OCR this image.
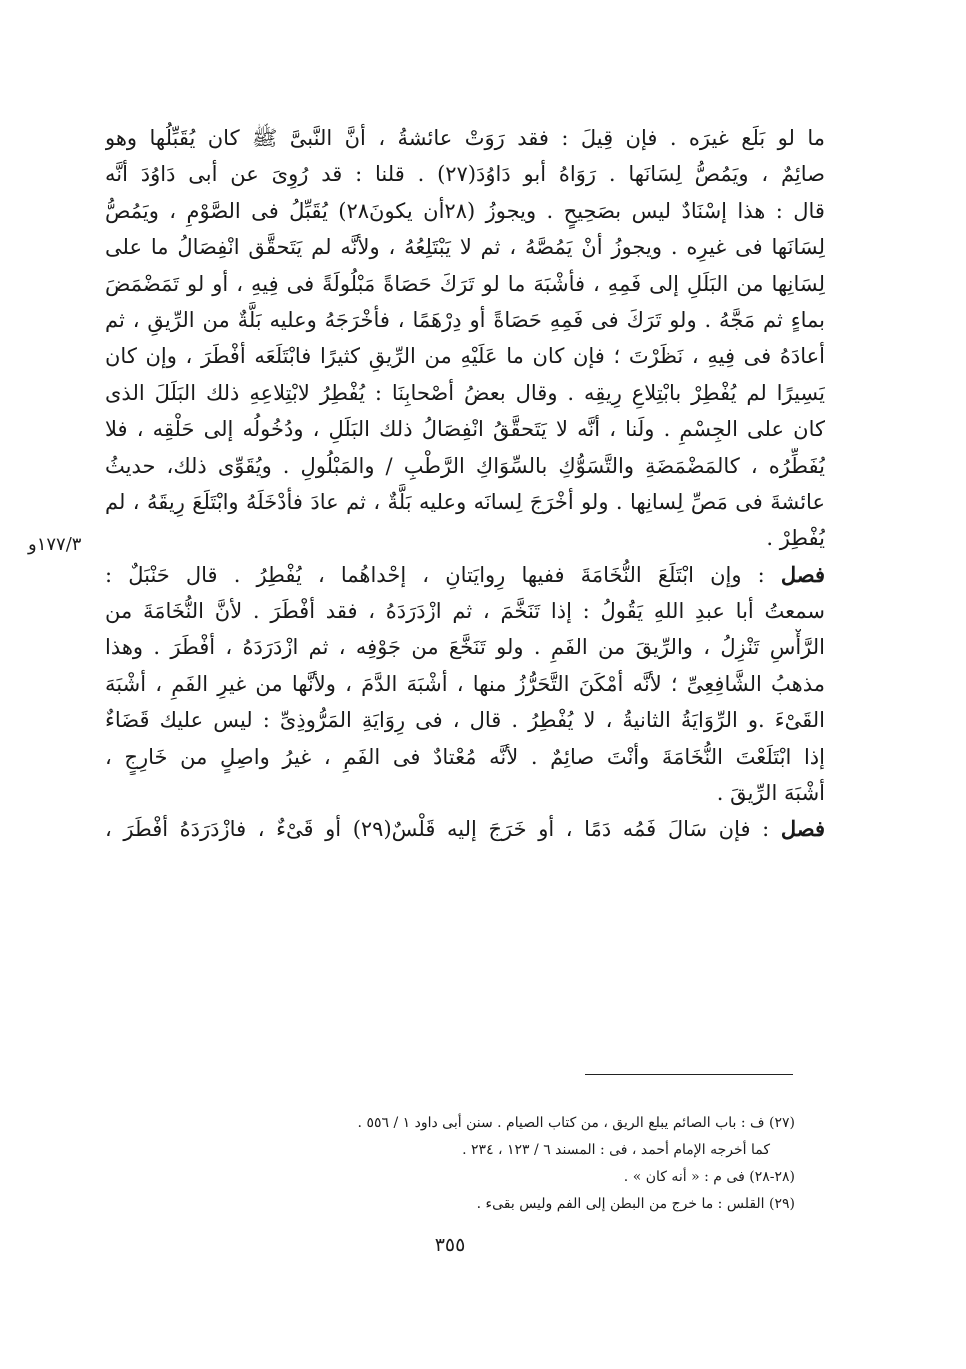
ما لو بَلَع غيرَه . فإن قِيلَ : فقد رَوَتْ عائشةُ ، أنَّ النَّبىَّ ﷺ كان يُقَبِّلُها وهو
صائِمٌ ، ويَمُصُّ لِسَانَها . رَوَاهُ أبو دَاوُدَ(٢٧) . قلنا : قد رُوِىَ عن أبى دَاوُدَ أنَّه
قال : هذا إسْنَادٌ ليس بصَحِيحٍ . ويجوزُ (٢٨أن يكونَ٢٨) يُقَبِّلُ فى الصَّوْمِ ، ويَمُصُّ
لِسَانَها فى غيرِه . ويجوزُ أنْ يَمُصَّهُ ، ثم لا يَبْتَلِعُهُ ، ولأنَّه لم يَتَحقَّق انْفِصَالُ ما على
لِسَانِها من البَلَلِ إلى فَمِهِ ، فأشْبَهَ ما لو تَرَكَ حَصَاةً مَبْلُولَةً فى فِيهِ ، أو لو تَمَضْمَضَ
بماءٍ ثم مَجَّهُ . ولو تَرَكَ فى فَمِهِ حَصَاةً أو دِرْهَمًا ، فأخْرَجَهُ وعليه بَلَّةٌ من الرِّيقِ ، ثم
أعادَهُ فى فِيهِ ، نَظَرْتَ ؛ فإن كان ما عَلَيْهِ من الرِّيقِ كثيرًا فابْتَلَعَه أفْطَرَ ، وإن كان
يَسِيرًا لم يُفْطِرْ بابْتِلاعِ رِيقِه . وقال بعضُ أصْحابِنَا : يُفْطِرُ لابْتِلاعِهِ ذلك البَلَلَ الذى
كان على الجِسْمِ . ولَنا ، أنَّه لا يَتَحقَّقُ انْفِصَالُ ذلك البَلَلِ ، ودُخُولُه إلى حَلْقِه ، فلا
يُفَطِّرُه ، كالمَضْمَضَةِ والتَّسَوُّكِ بالسِّوَاكِ الرَّطْبِ / والمَبْلُولِ . ويُقَوِّى ذلك، حديثُ
عائشةَ فى مَصِّ لِسانِها . ولو أخْرَجَ لِسانَه وعليه بَلَّةٌ ، ثم عادَ فأدْخَلَهُ وابْتَلَعَ رِيقَهُ ، لم
يُفْطِرْ .
فصل : وإن ابْتَلَعَ النُّخَامَةَ ففيها رِوايَتانِ ، إحْداهُما ، يُفْطِرُ . قال حَنْبَلٌ :
سمعتُ أبا عبدِ اللهِ يَقُولُ : إذا تَنَخَّمَ ، ثم ازْدَرَدَهُ ، فقد أفْطَرَ . لأنَّ النُّخَامَةَ من
الرَّأْسِ تَنْزِلُ ، والرِّيقَ من الفَمِ . ولو تَنَخَّعَ من جَوْفِه ، ثم ازْدَرَدَهُ ، أفْطَرَ . وهذا
مذهبُ الشَّافِعِىِّ ؛ لأنَّه أمْكَنَ التَّحَرُّزُ منها ، أشْبَهَ الدَّمَ ، ولأنَّها من غيرِ الفَمِ ، أشْبَهَ
القَىْءَ .و الرِّوَايَةُ الثانيةُ ، لا يُفْطِرُ . قال ، فى رِوَايَةِ المَرُّوذِىِّ : ليس عليك قَضَاءٌ
إذا ابْتَلَعْتَ النُّخَامَةَ وأنْتَ صائِمٌ . لأنَّه مُعْتادٌ فى الفَمِ ، غيرُ واصِلٍ من خَارِجٍ ،
أشْبَهَ الرِّيقَ .
فصل : فإن سَالَ فَمُه دَمًا ، أو خَرَجَ إليه قَلْسٌ(٢٩) أو قَىْءٌ ، فازْدَرَدَهُ أفْطَرَ ،
١٧٧/٣و
(٢٧) ف : باب الصائم يبلع الريق ، من كتاب الصيام . سنن أبى داود ١ / ٥٥٦ .
كما أخرجه الإمام أحمد ، فى : المسند ٦ / ١٢٣ ، ٢٣٤ .
(٢٨-٢٨) فى م : « أنه كان » .
(٢٩) القلس : ما خرج من البطن إلى الفم وليس بقىء .
٣٥٥
